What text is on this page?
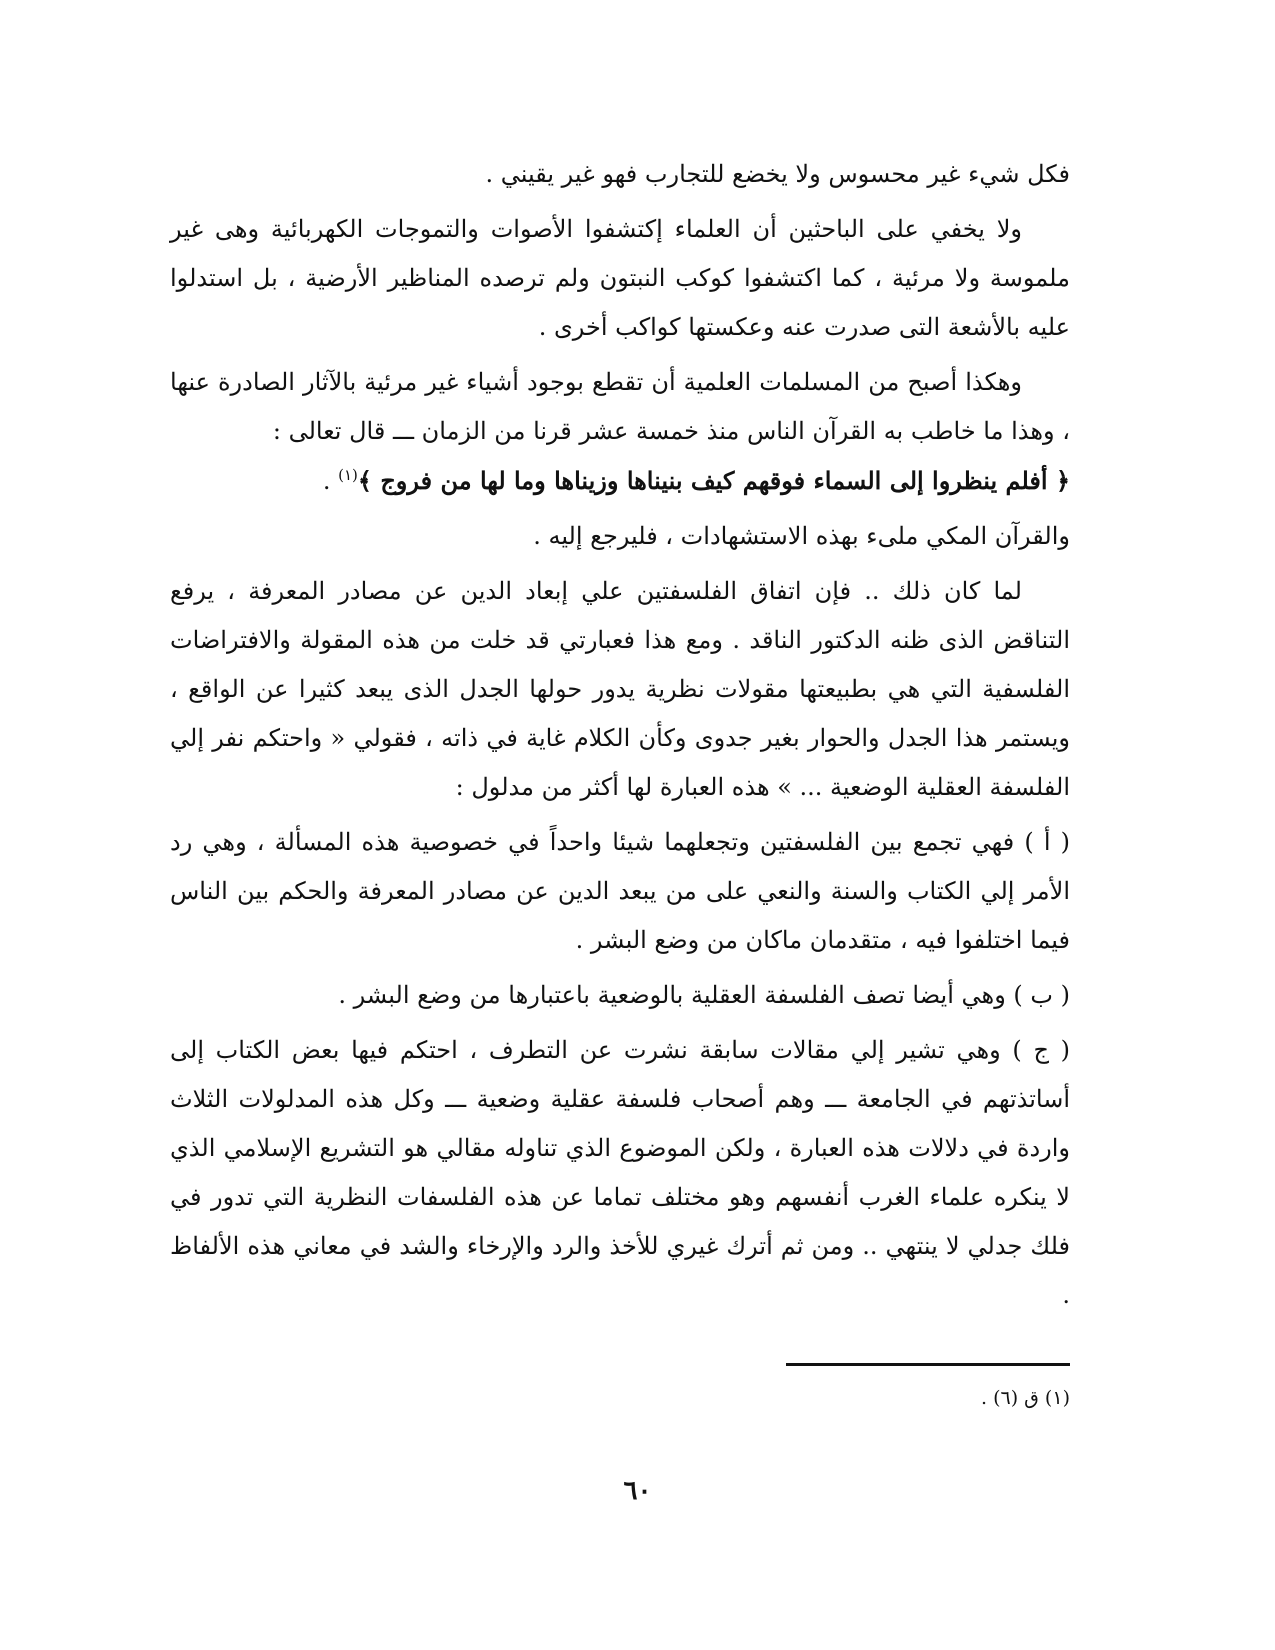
فكل شيء غير محسوس ولا يخضع للتجارب فهو غير يقيني .

ولا يخفي على الباحثين أن العلماء إكتشفوا الأصوات والتموجات الكهربائية وهى غير ملموسة ولا مرئية ، كما اكتشفوا كوكب النبتون ولم ترصده المناظير الأرضية ، بل استدلوا عليه بالأشعة التى صدرت عنه وعكستها كواكب أخرى .

وهكذا أصبح من المسلمات العلمية أن تقطع بوجود أشياء غير مرئية بالآثار الصادرة عنها ، وهذا ما خاطب به القرآن الناس منذ خمسة عشر قرنا من الزمان ـــ قال تعالى :
﴿ أفلم ينظروا إلى السماء فوقهم كيف بنيناها وزيناها وما لها من فروج ﴾$^{(١)}$ .

والقرآن المكي ملىء بهذه الاستشهادات ، فليرجع إليه .

لما كان ذلك .. فإن اتفاق الفلسفتين علي إبعاد الدين عن مصادر المعرفة ، يرفع التناقض الذى ظنه الدكتور الناقد . ومع هذا فعبارتي قد خلت من هذه المقولة والافتراضات الفلسفية التي هي بطبيعتها مقولات نظرية يدور حولها الجدل الذى يبعد كثيرا عن الواقع ، ويستمر هذا الجدل والحوار بغير جدوى وكأن الكلام غاية في ذاته ، فقولي « واحتكم نفر إلي الفلسفة العقلية الوضعية ... » هذه العبارة لها أكثر من مدلول :

( أ ) فهي تجمع بين الفلسفتين وتجعلهما شيئا واحداً في خصوصية هذه المسألة ، وهي رد الأمر إلي الكتاب والسنة والنعي على من يبعد الدين عن مصادر المعرفة والحكم بين الناس فيما اختلفوا فيه ، متقدمان ماكان من وضع البشر .

( ب ) وهي أيضا تصف الفلسفة العقلية بالوضعية باعتبارها من وضع البشر .

( ج ) وهي تشير إلي مقالات سابقة نشرت عن التطرف ، احتكم فيها بعض الكتاب إلى أساتذتهم في الجامعة ـــ وهم أصحاب فلسفة عقلية وضعية ـــ وكل هذه المدلولات الثلاث واردة في دلالات هذه العبارة ، ولكن الموضوع الذي تناوله مقالي هو التشريع الإسلامي الذي لا ينكره علماء الغرب أنفسهم وهو مختلف تماما عن هذه الفلسفات النظرية التي تدور في فلك جدلي لا ينتهي .. ومن ثم أترك غيري للأخذ والرد والإرخاء والشد في معاني هذه الألفاظ .

(١) ق (٦) .
٦٠
